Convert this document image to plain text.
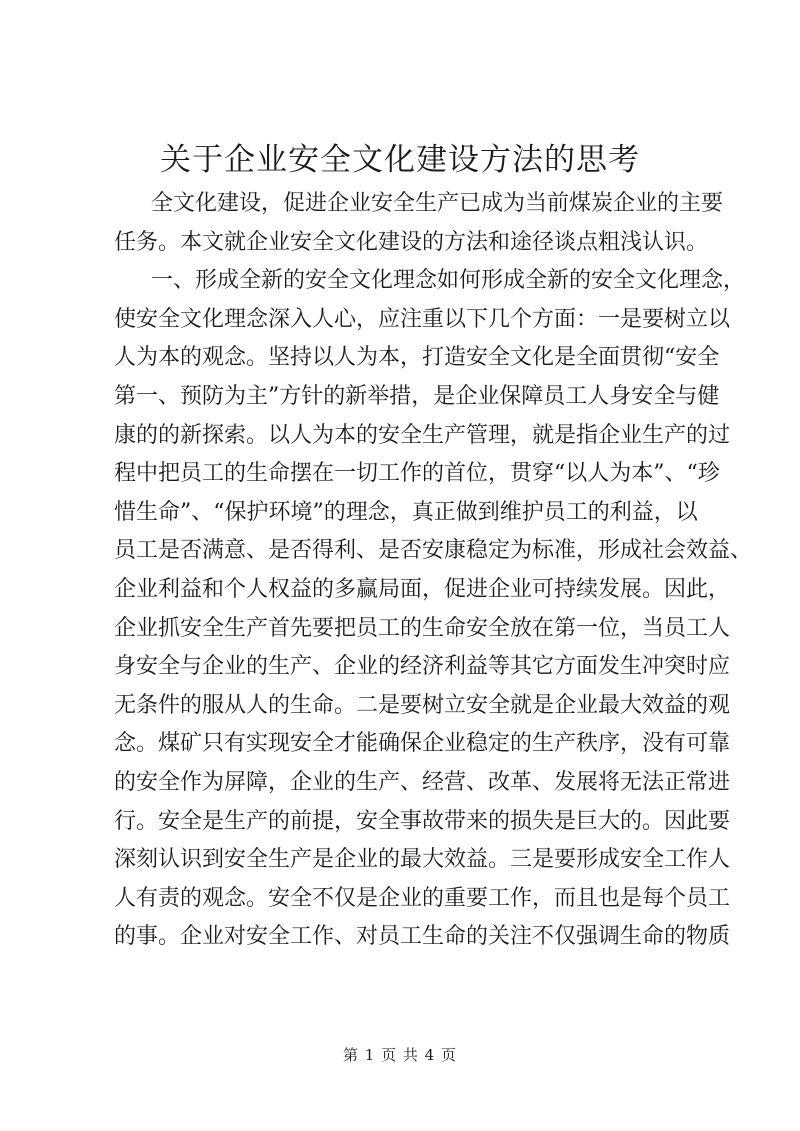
关于企业安全文化建设方法的思考

全文化建设，促进企业安全生产已成为当前煤炭企业的主要

任务。本文就企业安全文化建设的方法和途径谈点粗浅认识。

一、形成全新的安全文化理念如何形成全新的安全文化理念，

使安全文化理念深入人心，应注重以下几个方面：一是要树立以

人为本的观念。坚持以人为本，打造安全文化是全面贯彻“安全

第一、预防为主”方针的新举措，是企业保障员工人身安全与健

康的的新探索。以人为本的安全生产管理，就是指企业生产的过

程中把员工的生命摆在一切工作的首位，贯穿“以人为本”、“珍

惜生命”、“保护环境”的理念，真正做到维护员工的利益，以

员工是否满意、是否得利、是否安康稳定为标准，形成社会效益、

企业利益和个人权益的多赢局面，促进企业可持续发展。因此，

企业抓安全生产首先要把员工的生命安全放在第一位，当员工人

身安全与企业的生产、企业的经济利益等其它方面发生冲突时应

无条件的服从人的生命。二是要树立安全就是企业最大效益的观

念。煤矿只有实现安全才能确保企业稳定的生产秩序，没有可靠

的安全作为屏障，企业的生产、经营、改革、发展将无法正常进

行。安全是生产的前提，安全事故带来的损失是巨大的。因此要

深刻认识到安全生产是企业的最大效益。三是要形成安全工作人

人有责的观念。安全不仅是企业的重要工作，而且也是每个员工

的事。企业对安全工作、对员工生命的关注不仅强调生命的物质

第 1 页 共 4 页
